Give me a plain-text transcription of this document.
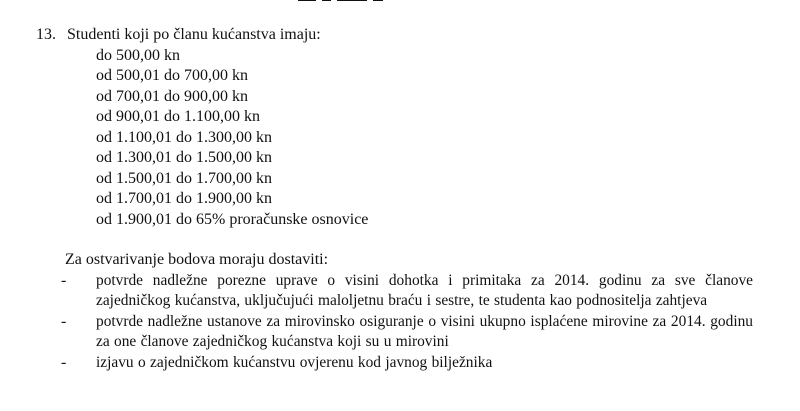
13. Studenti koji po članu kućanstva imaju:
do 500,00 kn
od 500,01 do 700,00 kn
od 700,01 do 900,00 kn
od 900,01 do 1.100,00 kn
od 1.100,01 do 1.300,00 kn
od 1.300,01 do 1.500,00 kn
od 1.500,01 do 1.700,00 kn
od 1.700,01 do 1.900,00 kn
od 1.900,01 do 65% proračunske osnovice
Za ostvarivanje bodova moraju dostaviti:
-	potvrde nadležne porezne uprave o visini dohotka i primitaka za 2014. godinu za sve članove zajedničkog kućanstva, uključujući maloljetnu braću i sestre, te studenta kao podnositelja zahtjeva
-	potvrde nadležne ustanove za mirovinsko osiguranje o visini ukupno isplaćene mirovine za 2014. godinu za one članove zajedničkog kućanstva koji su u mirovini
-	izjavu o zajedničkom kućanstvu ovjerenu kod javnog bilježnika
